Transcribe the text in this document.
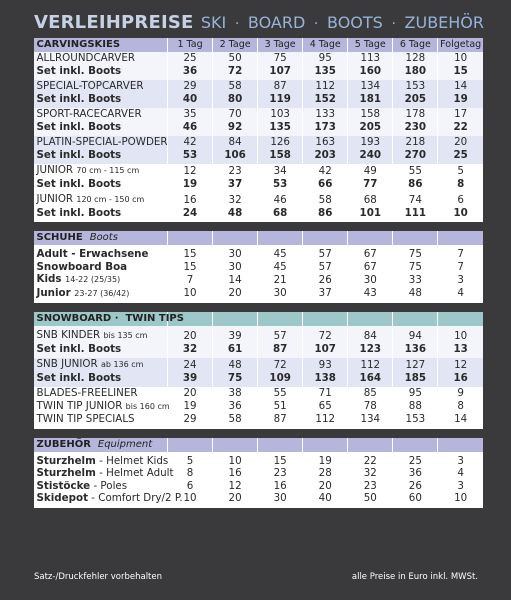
VERLEIHPREISE SKI · BOARD · BOOTS · ZUBEHÖR
CARVINGSKIES	1 Tag	2 Tage	3 Tage	4 Tage	5 Tage	6 Tage	Folgetag
ALLROUNDCARVER	25	50	75	95	113	128	10
Set inkl. Boots	36	72	107	135	160	180	15

SPECIAL-TOPCARVER	29	58	87	112	134	153	14
Set inkl. Boots	40	80	119	152	181	205	19

SPORT-RACECARVER	35	70	103	133	158	178	17
Set inkl. Boots	46	92	135	173	205	230	22

PLATIN-SPECIAL-POWDER	42	84	126	163	193	218	20
Set inkl. Boots	53	106	158	203	240	270	25

JUNIOR 70 cm - 115 cm	12	23	34	42	49	55	5
Set inkl. Boots	19	37	53	66	77	86	8

JUNIOR 120 cm - 150 cm	16	32	46	58	68	74	6
Set inkl. Boots	24	48	68	86	101	111	10

SCHUHE Boots							

Adult - Erwachsene	15	30	45	57	67	75	7
Snowboard Boa	15	30	45	57	67	75	7
Kids 14-22 (25/35)	7	14	21	26	30	33	3
Junior 23-27 (36/42)	10	20	30	37	43	48	4

SNOWBOARD · TWIN TIPS							

SNB KINDER bis 135 cm	20	39	57	72	84	94	10
Set inkl. Boots	32	61	87	107	123	136	13

SNB JUNIOR ab 136 cm	24	48	72	93	112	127	12
Set inkl. Boots	39	75	109	138	164	185	16

BLADES-FREELINER	20	38	55	71	85	95	9
TWIN TIP JUNIOR bis 160 cm	19	36	51	65	78	88	8
TWIN TIP SPECIALS	29	58	87	112	134	153	14

ZUBEHÖR Equipment							

Sturzhelm - Helmet Kids	5	10	15	19	22	25	3
Sturzhelm - Helmet Adult	8	16	23	28	32	36	4
Stistöcke - Poles	6	12	16	20	23	26	3
Skidepot - Comfort Dry/2 P.	10	20	30	40	50	60	10

Satz-/Druckfehler vorbehalten	alle Preise in Euro inkl. MWSt.
